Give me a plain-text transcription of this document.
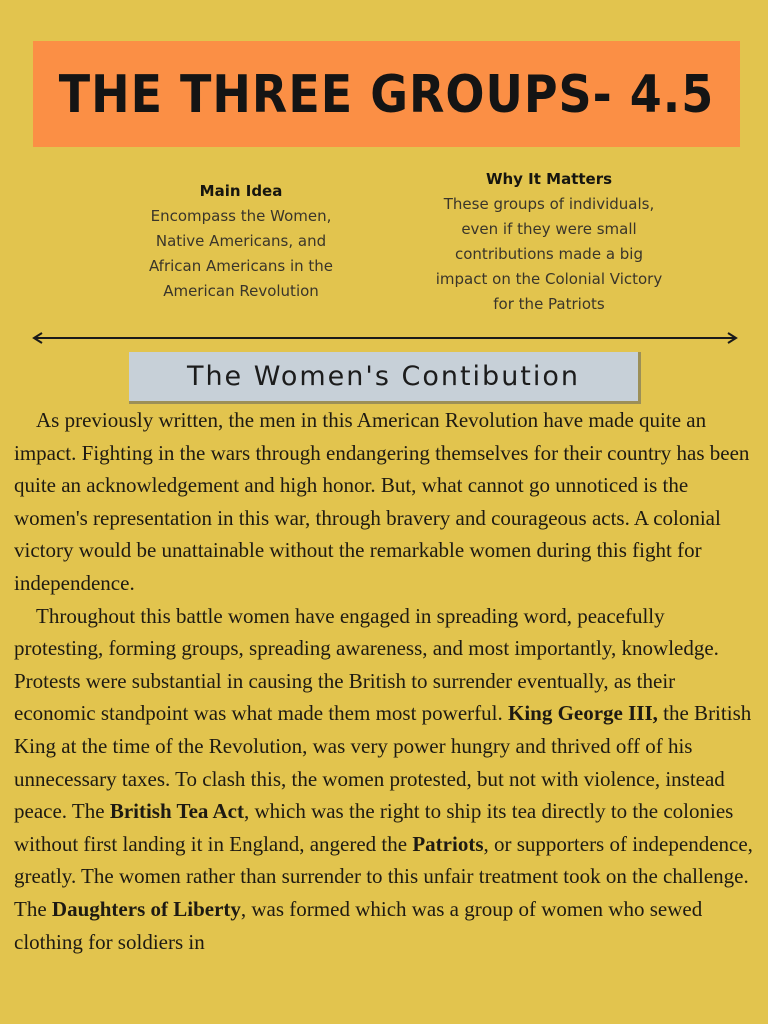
THE THREE GROUPS- 4.5
Main Idea
Encompass the Women, Native Americans, and African Americans in the American Revolution
Why It Matters
These groups of individuals, even if they were small contributions made a big impact on the Colonial Victory for the Patriots
The Women's Contibution

As previously written, the men in this American Revolution have made quite an impact. Fighting in the wars through endangering themselves for their country has been quite an acknowledgement and high honor. But, what cannot go unnoticed is the women's representation in this war, through bravery and courageous acts. A colonial victory would be unattainable without the remarkable women during this fight for independence.

Throughout this battle women have engaged in spreading word, peacefully protesting, forming groups, spreading awareness, and most importantly, knowledge. Protests were substantial in causing the British to surrender eventually, as their economic standpoint was what made them most powerful. King George III, the British King at the time of the Revolution, was very power hungry and thrived off of his unnecessary taxes. To clash this, the women protested, but not with violence, instead peace. The British Tea Act, which was the right to ship its tea directly to the colonies without first landing it in England, angered the Patriots, or supporters of independence, greatly. The women rather than surrender to this unfair treatment took on the challenge. The Daughters of Liberty, was formed which was a group of women who sewed clothing for soldiers in
